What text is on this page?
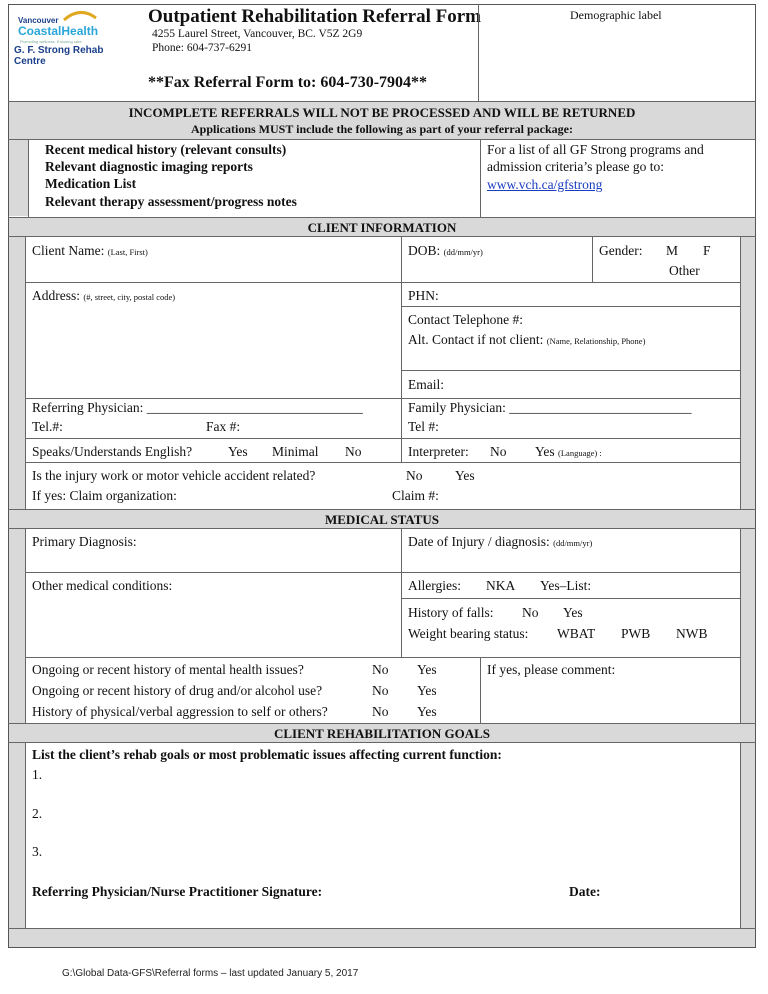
Vancouver
CoastalHealth
Promoting wellness. Ensuring care.
G. F. Strong Rehab Centre
Outpatient Rehabilitation Referral Form
4255 Laurel Street, Vancouver, BC. V5Z 2G9
Phone: 604-737-6291
**Fax Referral Form to: 604-730-7904**
Demographic label
INCOMPLETE REFERRALS WILL NOT BE PROCESSED AND WILL BE RETURNED
Applications MUST include the following as part of your referral package:
Recent medical history (relevant consults)
Relevant diagnostic imaging reports
Medication List
Relevant therapy assessment/progress notes
For a list of all GF Strong programs and
admission criteria’s please go to:
www.vch.ca/gfstrong
CLIENT INFORMATION
Client Name: (Last, First)	DOB: (dd/mm/yr)	Gender: M F
Other
Address: (#, street, city, postal code)	PHN:
Contact Telephone #:
Alt. Contact if not client: (Name, Relationship, Phone)
Email:
Referring Physician: ________________________________	Family Physician: ___________________________
Tel.#:	Fax #:	Tel #:
Speaks/Understands English?	Yes Minimal No	Interpreter: No Yes (Language) :
Is the injury work or motor vehicle accident related?	No Yes
If yes: Claim organization:	Claim #:
MEDICAL STATUS
Primary Diagnosis:	Date of Injury / diagnosis: (dd/mm/yr)
Other medical conditions:	Allergies: NKA Yes–List:
History of falls: No Yes
Weight bearing status: WBAT PWB NWB
Ongoing or recent history of mental health issues?	No Yes
Ongoing or recent history of drug and/or alcohol use?	No Yes
History of physical/verbal aggression to self or others?	No Yes
If yes, please comment:
CLIENT REHABILITATION GOALS
List the client’s rehab goals or most problematic issues affecting current function:
1.
2.
3.
Referring Physician/Nurse Practitioner Signature:	Date:
G:\Global Data-GFS\Referral forms – last updated January 5, 2017
